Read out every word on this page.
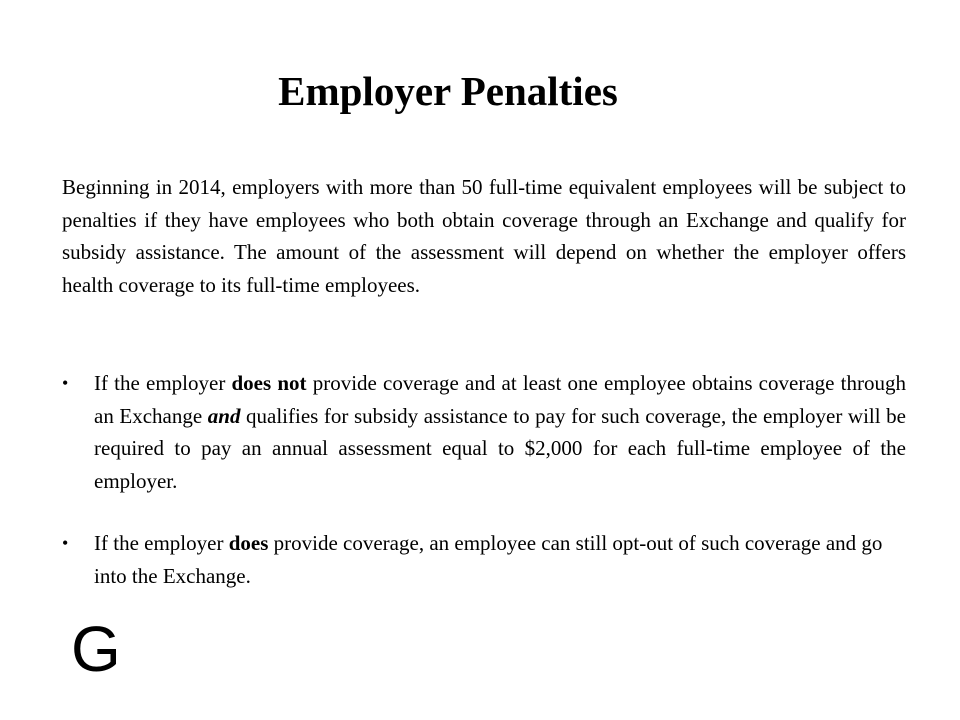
Employer Penalties

Beginning in 2014, employers with more than 50 full-time equivalent employees will be subject to penalties if they have employees who both obtain coverage through an Exchange and qualify for subsidy assistance. The amount of the assessment will depend on whether the employer offers health coverage to its full-time employees.

• If the employer does not provide coverage and at least one employee obtains coverage through an Exchange and qualifies for subsidy assistance to pay for such coverage, the employer will be required to pay an annual assessment equal to $2,000 for each full-time employee of the employer.
• If the employer does provide coverage, an employee can still opt-out of such coverage and go into the Exchange.
G
